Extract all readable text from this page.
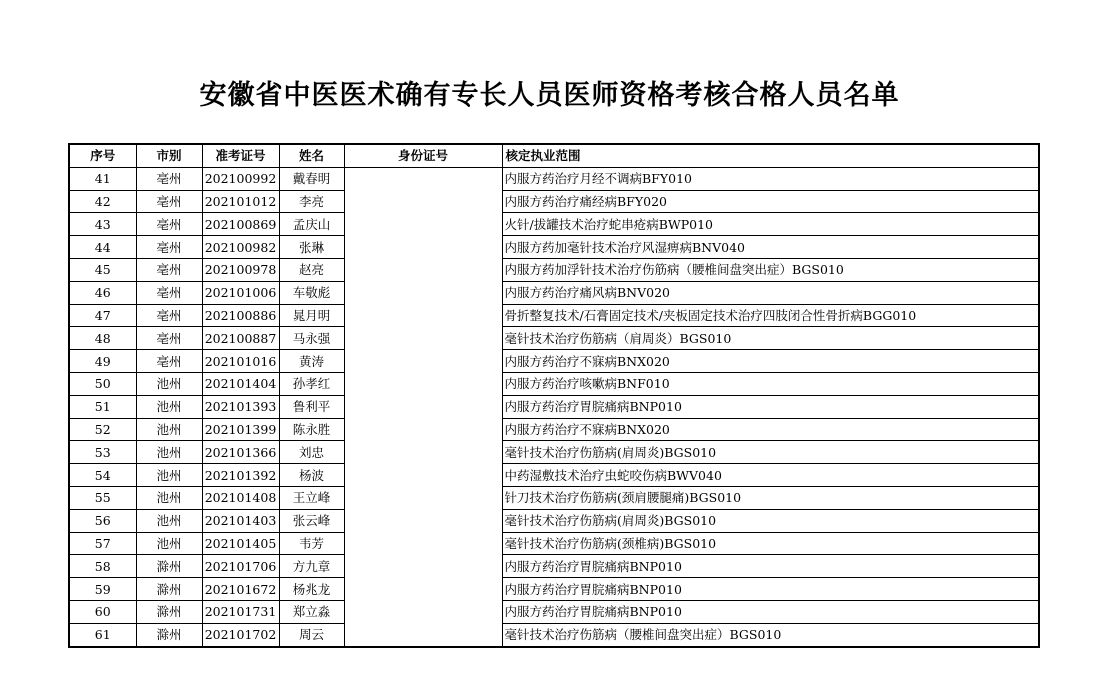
安徽省中医医术确有专长人员医师资格考核合格人员名单
序号	市别	准考证号	姓名	身份证号	核定执业范围
41	亳州	202100992	戴春明		内服方药治疗月经不调病BFY010
42	亳州	202101012	李亮		内服方药治疗痛经病BFY020
43	亳州	202100869	孟庆山		火针/拔罐技术治疗蛇串疮病BWP010
44	亳州	202100982	张琳		内服方药加毫针技术治疗风湿痹病BNV040
45	亳州	202100978	赵亮		内服方药加浮针技术治疗伤筋病（腰椎间盘突出症）BGS010
46	亳州	202101006	车敬彪		内服方药治疗痛风病BNV020
47	亳州	202100886	晁月明		骨折整复技术/石膏固定技术/夹板固定技术治疗四肢闭合性骨折病BGG010
48	亳州	202100887	马永强		毫针技术治疗伤筋病（肩周炎）BGS010
49	亳州	202101016	黄涛		内服方药治疗不寐病BNX020
50	池州	202101404	孙孝红		内服方药治疗咳嗽病BNF010
51	池州	202101393	鲁利平		内服方药治疗胃脘痛病BNP010
52	池州	202101399	陈永胜		内服方药治疗不寐病BNX020
53	池州	202101366	刘忠		毫针技术治疗伤筋病(肩周炎)BGS010
54	池州	202101392	杨波		中药湿敷技术治疗虫蛇咬伤病BWV040
55	池州	202101408	王立峰		针刀技术治疗伤筋病(颈肩腰腿痛)BGS010
56	池州	202101403	张云峰		毫针技术治疗伤筋病(肩周炎)BGS010
57	池州	202101405	韦芳		毫针技术治疗伤筋病(颈椎病)BGS010
58	滁州	202101706	方九章		内服方药治疗胃脘痛病BNP010
59	滁州	202101672	杨兆龙		内服方药治疗胃脘痛病BNP010
60	滁州	202101731	郑立淼		内服方药治疗胃脘痛病BNP010
61	滁州	202101702	周云		毫针技术治疗伤筋病（腰椎间盘突出症）BGS010
